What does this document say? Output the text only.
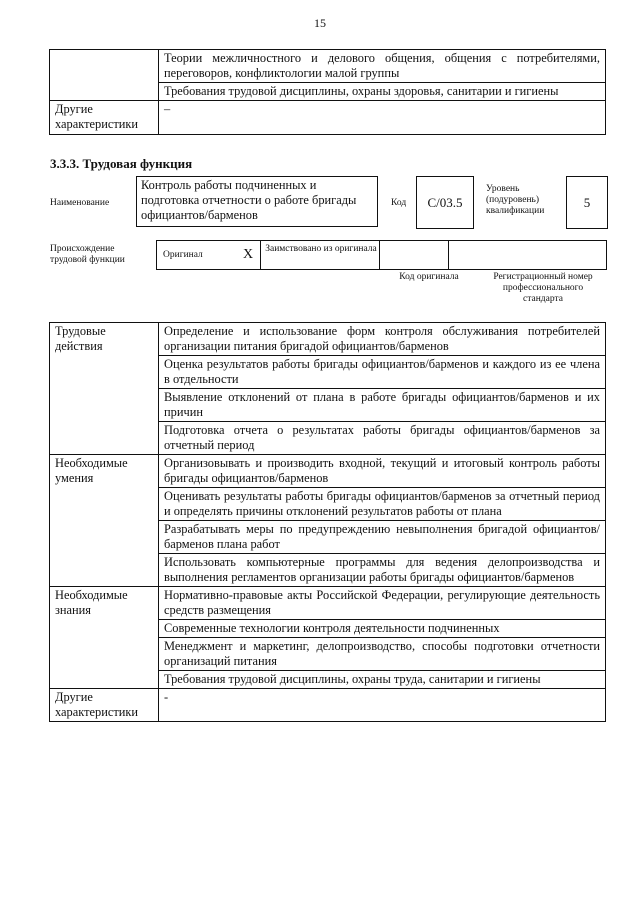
15
	Теории межличностного и делового общения, общения с потребителями, переговоров, конфликтологии малой группы
	Требования трудовой дисциплины, охраны здоровья, санитарии и гигиены
Другие характеристики	–
3.3.3. Трудовая функция
Наименование
Контроль работы подчиненных и подготовка отчетности о работе бригады официантов/барменов
Код	С/03.5
Уровень (подуровень) квалификации
5
Происхождение трудовой функции	Оригинал	X Заимствовано из оригинала
Код оригинала	Регистрационный номер профессионального стандарта
Трудовые действия	Определение и использование форм контроля обслуживания потребителей организации питания бригадой официантов/барменов
	Оценка результатов работы бригады официантов/барменов и каждого из ее члена в отдельности
	Выявление отклонений от плана в работе бригады официантов/барменов и их причин
	Подготовка отчета о результатах работы бригады официантов/барменов за отчетный период
Необходимые умения	Организовывать и производить входной, текущий и итоговый контроль работы бригады официантов/барменов
	Оценивать результаты работы бригады официантов/барменов за отчетный период и определять причины отклонений результатов работы от плана
	Разрабатывать меры по предупреждению невыполнения бригадой официантов/барменов плана работ
	Использовать компьютерные программы для ведения делопроизводства и выполнения регламентов организации работы бригады официантов/барменов
Необходимые знания	Нормативно-правовые акты Российской Федерации, регулирующие деятельность средств размещения
	Современные технологии контроля деятельности подчиненных
	Менеджмент и маркетинг, делопроизводство, способы подготовки отчетности организаций питания
	Требования трудовой дисциплины, охраны труда, санитарии и гигиены
Другие характеристики	-
